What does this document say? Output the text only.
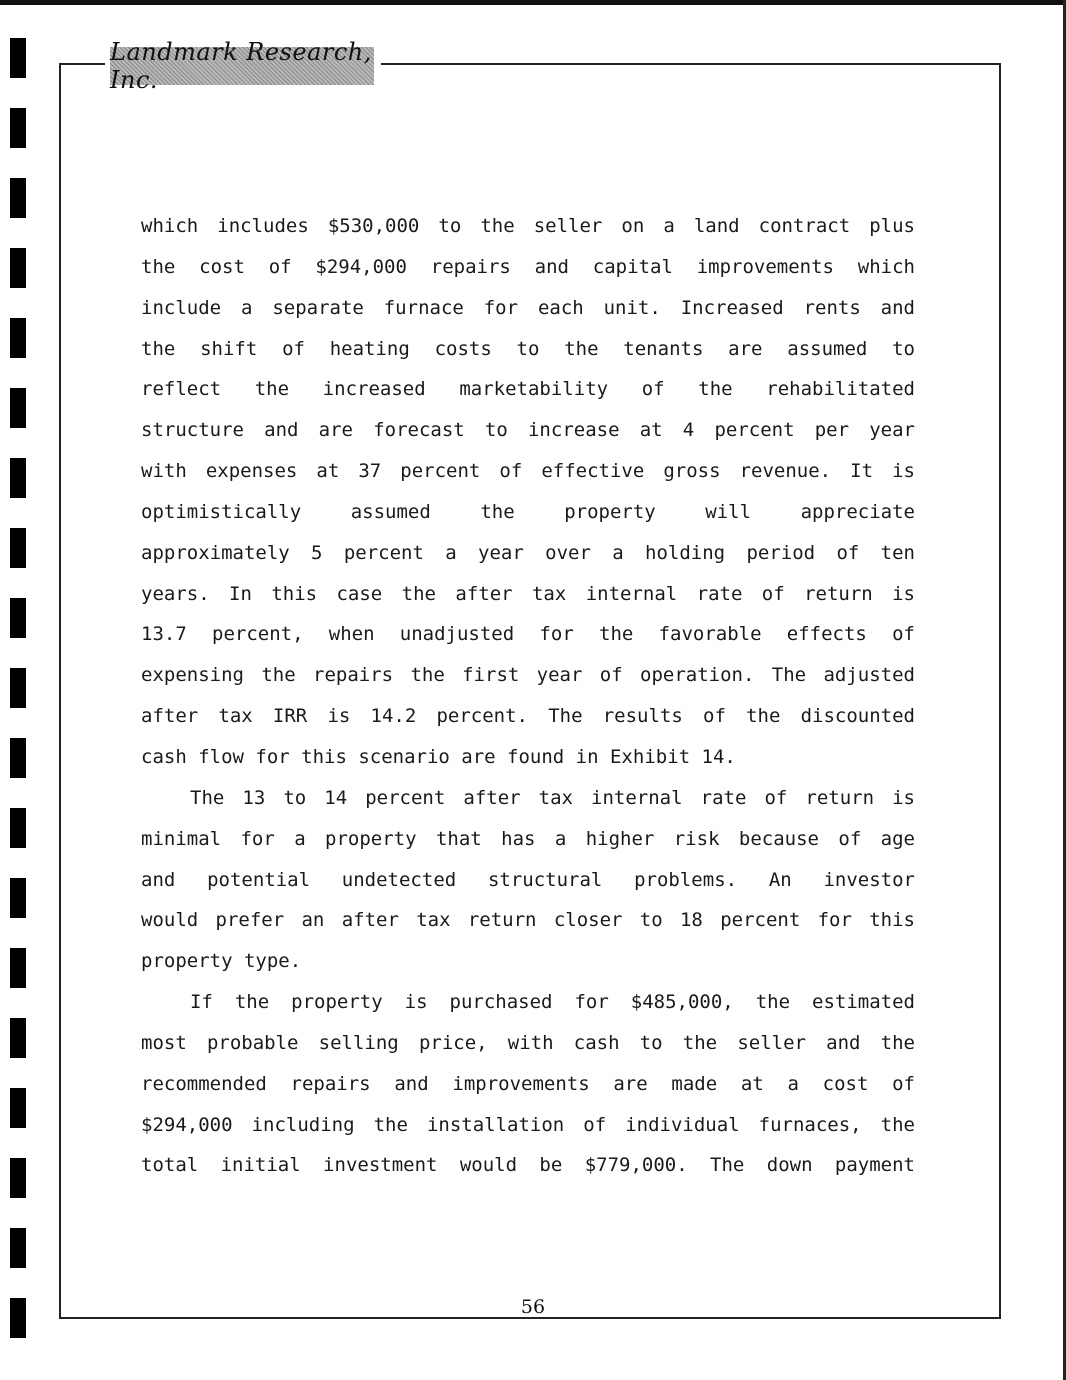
Landmark Research, Inc.
which includes $530,000 to the seller on a land contract plus
the cost of $294,000 repairs and capital improvements which
include a separate furnace for each unit. Increased rents and
the shift of heating costs to the tenants are assumed to
reflect the increased marketability of the rehabilitated
structure and are forecast to increase at 4 percent per year
with expenses at 37 percent of effective gross revenue. It is
optimistically assumed the property will appreciate
approximately 5 percent a year over a holding period of ten
years. In this case the after tax internal rate of return is
13.7 percent, when unadjusted for the favorable effects of
expensing the repairs the first year of operation. The adjusted
after tax IRR is 14.2 percent. The results of the discounted
cash flow for this scenario are found in Exhibit 14.
The 13 to 14 percent after tax internal rate of return is
minimal for a property that has a higher risk because of age
and potential undetected structural problems. An investor
would prefer an after tax return closer to 18 percent for this
property type.
If the property is purchased for $485,000, the estimated
most probable selling price, with cash to the seller and the
recommended repairs and improvements are made at a cost of
$294,000 including the installation of individual furnaces, the
total initial investment would be $779,000. The down payment
56
